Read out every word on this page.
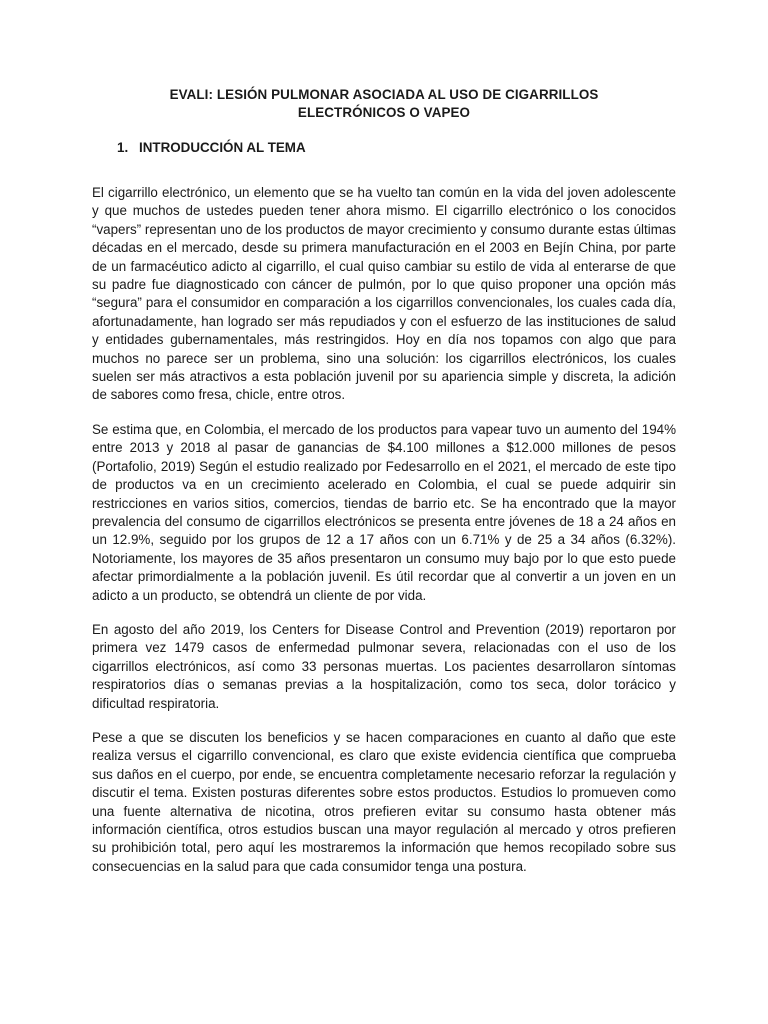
EVALI: LESIÓN PULMONAR ASOCIADA AL USO DE CIGARRILLOS
ELECTRÓNICOS O VAPEO
1. INTRODUCCIÓN AL TEMA

El cigarrillo electrónico, un elemento que se ha vuelto tan común en la vida del joven adolescente y que muchos de ustedes pueden tener ahora mismo. El cigarrillo electrónico o los conocidos “vapers” representan uno de los productos de mayor crecimiento y consumo durante estas últimas décadas en el mercado, desde su primera manufacturación en el 2003 en Bejín China, por parte de un farmacéutico adicto al cigarrillo, el cual quiso cambiar su estilo de vida al enterarse de que su padre fue diagnosticado con cáncer de pulmón, por lo que quiso proponer una opción más “segura” para el consumidor en comparación a los cigarrillos convencionales, los cuales cada día, afortunadamente, han logrado ser más repudiados y con el esfuerzo de las instituciones de salud y entidades gubernamentales, más restringidos. Hoy en día nos topamos con algo que para muchos no parece ser un problema, sino una solución: los cigarrillos electrónicos, los cuales suelen ser más atractivos a esta población juvenil por su apariencia simple y discreta, la adición de sabores como fresa, chicle, entre otros.

Se estima que, en Colombia, el mercado de los productos para vapear tuvo un aumento del 194% entre 2013 y 2018 al pasar de ganancias de $4.100 millones a $12.000 millones de pesos (Portafolio, 2019) Según el estudio realizado por Fedesarrollo en el 2021, el mercado de este tipo de productos va en un crecimiento acelerado en Colombia, el cual se puede adquirir sin restricciones en varios sitios, comercios, tiendas de barrio etc. Se ha encontrado que la mayor prevalencia del consumo de cigarrillos electrónicos se presenta entre jóvenes de 18 a 24 años en un 12.9%, seguido por los grupos de 12 a 17 años con un 6.71% y de 25 a 34 años (6.32%). Notoriamente, los mayores de 35 años presentaron un consumo muy bajo por lo que esto puede afectar primordialmente a la población juvenil. Es útil recordar que al convertir a un joven en un adicto a un producto, se obtendrá un cliente de por vida.

En agosto del año 2019, los Centers for Disease Control and Prevention (2019) reportaron por primera vez 1479 casos de enfermedad pulmonar severa, relacionadas con el uso de los cigarrillos electrónicos, así como 33 personas muertas. Los pacientes desarrollaron síntomas respiratorios días o semanas previas a la hospitalización, como tos seca, dolor torácico y dificultad respiratoria.

Pese a que se discuten los beneficios y se hacen comparaciones en cuanto al daño que este realiza versus el cigarrillo convencional, es claro que existe evidencia científica que comprueba sus daños en el cuerpo, por ende, se encuentra completamente necesario reforzar la regulación y discutir el tema. Existen posturas diferentes sobre estos productos. Estudios lo promueven como una fuente alternativa de nicotina, otros prefieren evitar su consumo hasta obtener más información científica, otros estudios buscan una mayor regulación al mercado y otros prefieren su prohibición total, pero aquí les mostraremos la información que hemos recopilado sobre sus consecuencias en la salud para que cada consumidor tenga una postura.
